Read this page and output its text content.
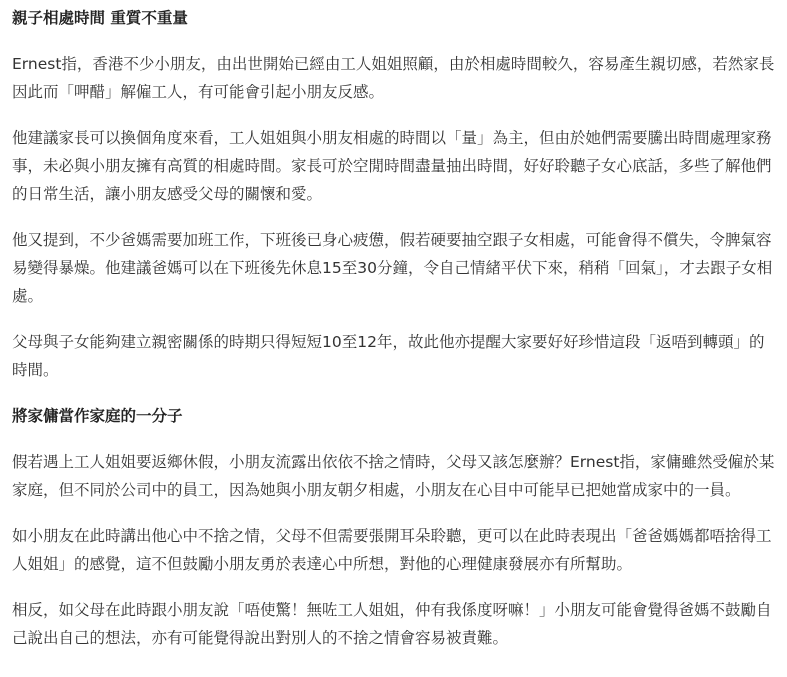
親子相處時間 重質不重量

Ernest指，香港不少小朋友，由出世開始已經由工人姐姐照顧，由於相處時間較久，容易產生親切感，若然家長因此而「呷醋」解僱工人，有可能會引起小朋友反感。

他建議家長可以換個角度來看，工人姐姐與小朋友相處的時間以「量」為主，但由於她們需要騰出時間處理家務事，未必與小朋友擁有高質的相處時間。家長可於空閒時間盡量抽出時間，好好聆聽子女心底話，多些了解他們的日常生活，讓小朋友感受父母的關懷和愛。

他又提到，不少爸媽需要加班工作，下班後已身心疲憊，假若硬要抽空跟子女相處，可能會得不償失，令脾氣容易變得暴燥。他建議爸媽可以在下班後先休息15至30分鐘，令自己情緒平伏下來，稍稍「回氣」，才去跟子女相處。

父母與子女能夠建立親密關係的時期只得短短10至12年，故此他亦提醒大家要好好珍惜這段「返唔到轉頭」的時間。

將家傭當作家庭的一分子

假若遇上工人姐姐要返鄉休假，小朋友流露出依依不捨之情時，父母又該怎麼辦？Ernest指，家傭雖然受僱於某家庭，但不同於公司中的員工，因為她與小朋友朝夕相處，小朋友在心目中可能早已把她當成家中的一員。

如小朋友在此時講出他心中不捨之情，父母不但需要張開耳朵聆聽，更可以在此時表現出「爸爸媽媽都唔捨得工人姐姐」的感覺，這不但鼓勵小朋友勇於表達心中所想，對他的心理健康發展亦有所幫助。

相反，如父母在此時跟小朋友說「唔使驚！無咗工人姐姐，仲有我係度呀嘛！」小朋友可能會覺得爸媽不鼓勵自己說出自己的想法，亦有可能覺得說出對別人的不捨之情會容易被責難。
